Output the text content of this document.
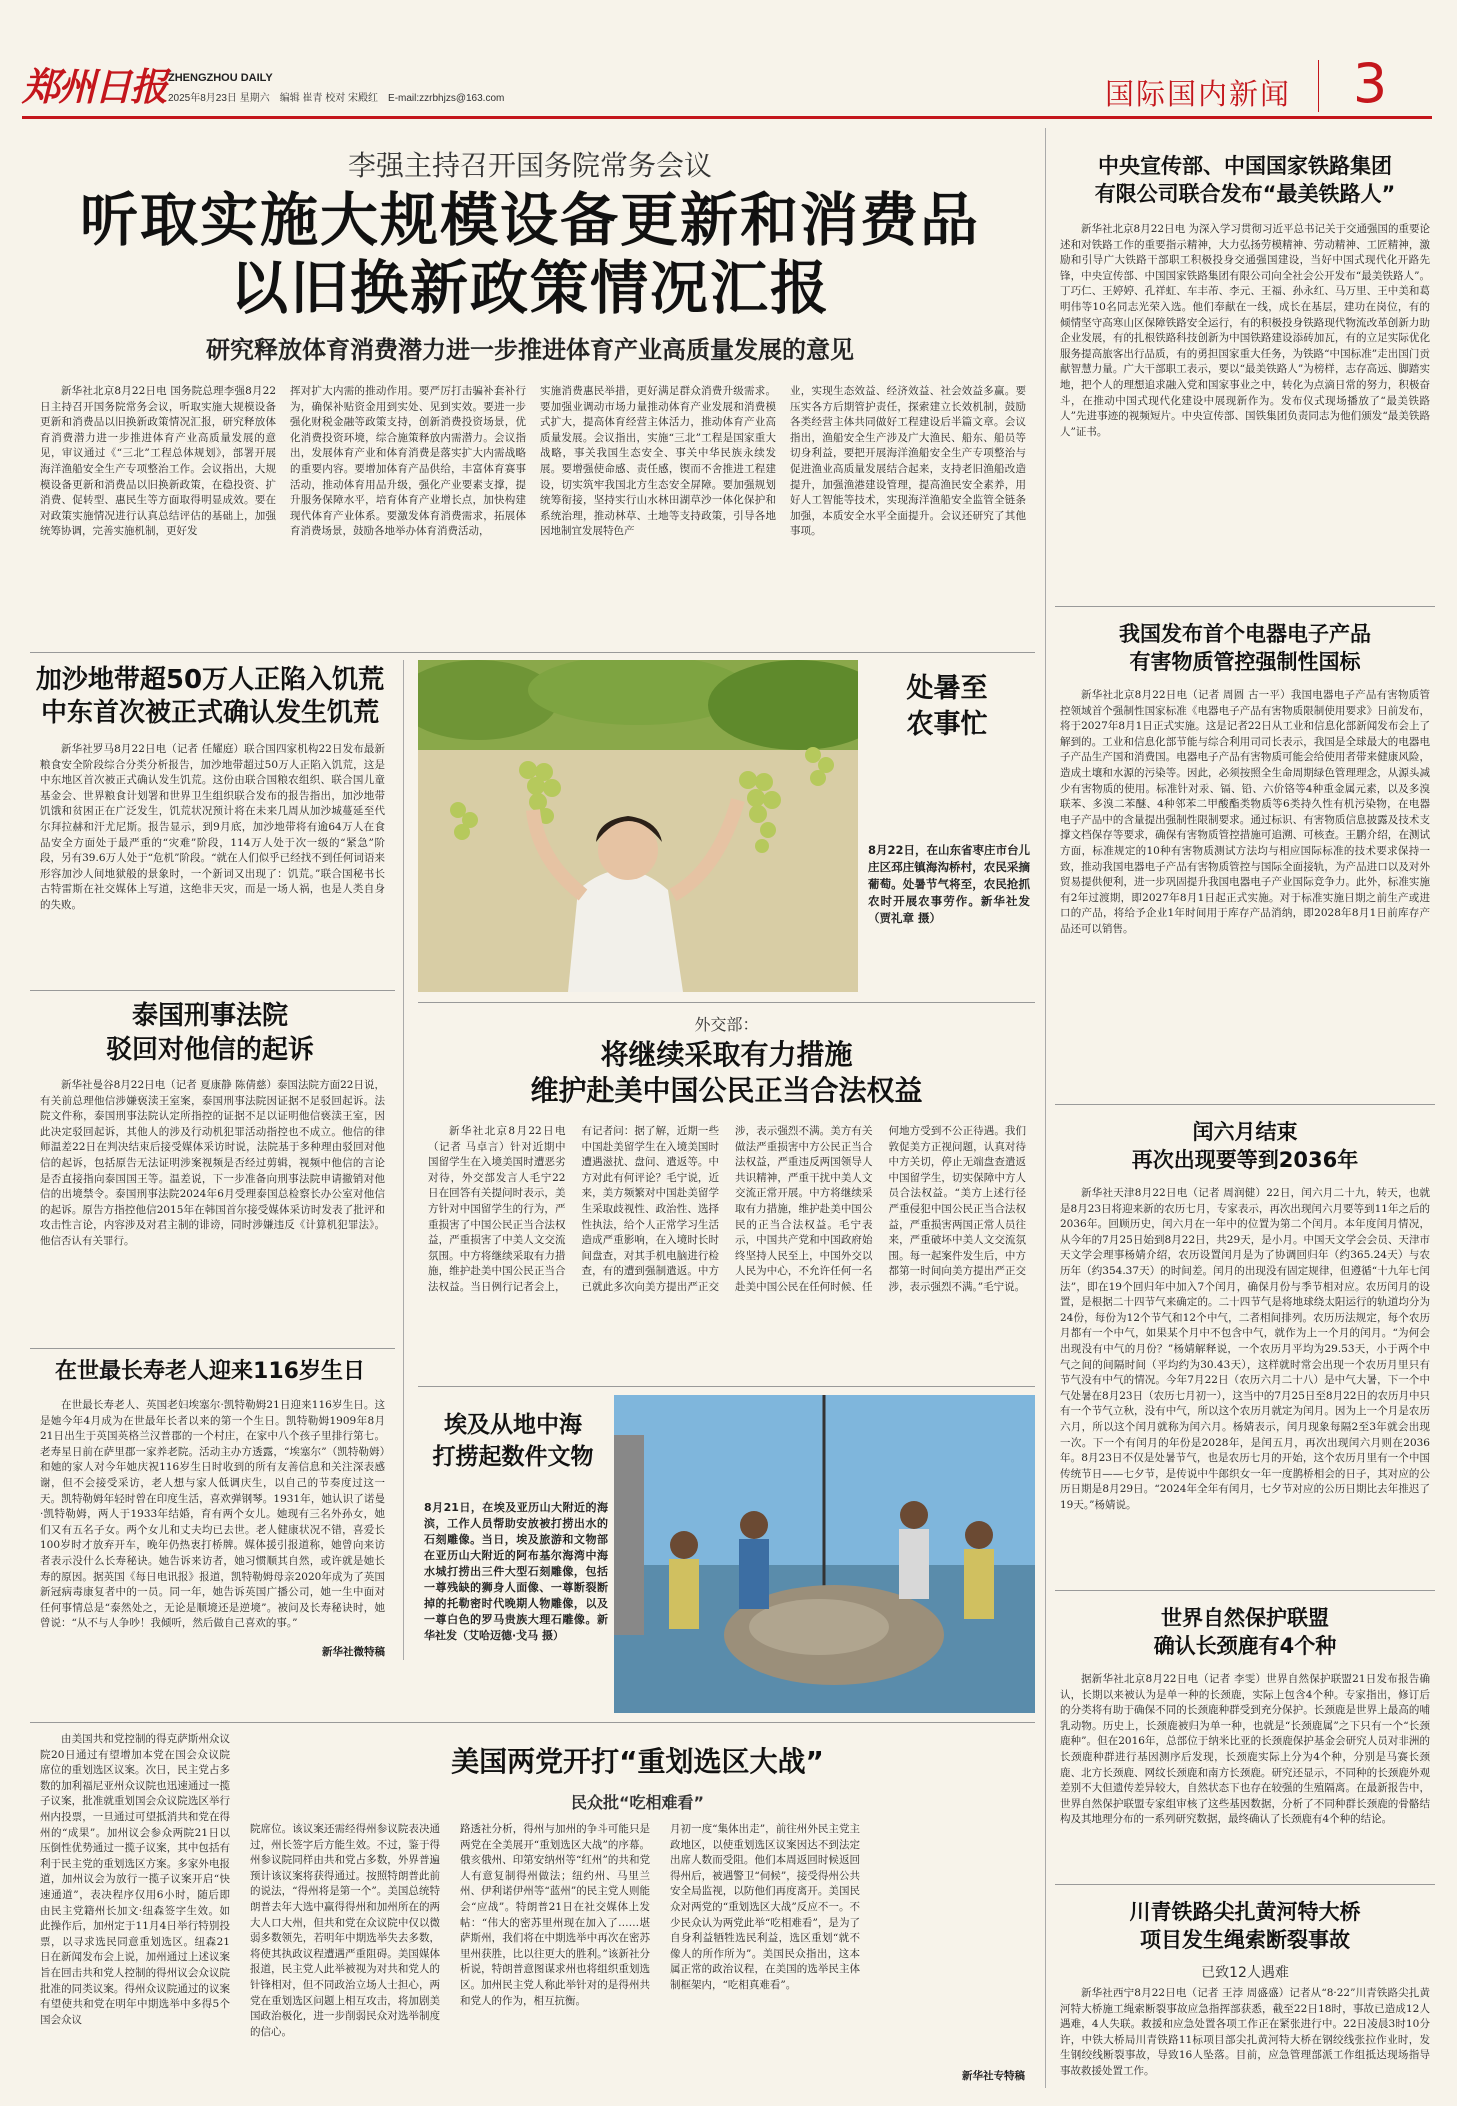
郑州日报 ZHENGZHOU DAILY
2025年8月23日 星期六　编辑 崔青 校对 宋殿红　E-mail:zzrbhjzs@163.com	国际国内新闻	3
李强主持召开国务院常务会议
听取实施大规模设备更新和消费品
以旧换新政策情况汇报
研究释放体育消费潜力进一步推进体育产业高质量发展的意见

新华社北京8月22日电 国务院总理李强8月22日主持召开国务院常务会议，听取实施大规模设备更新和消费品以旧换新政策情况汇报，研究释放体育消费潜力进一步推进体育产业高质量发展的意见，审议通过《“三北”工程总体规划》，部署开展海洋渔船安全生产专项整治工作。会议指出，大规模设备更新和消费品以旧换新政策，在稳投资、扩消费、促转型、惠民生等方面取得明显成效。要在对政策实施情况进行认真总结评估的基础上，加强统筹协调，完善实施机制，更好发

挥对扩大内需的推动作用。要严厉打击骗补套补行为，确保补贴资金用到实处、见到实效。要进一步强化财税金融等政策支持，创新消费投资场景，优化消费投资环境，综合施策释放内需潜力。会议指出，发展体育产业和体育消费是落实扩大内需战略的重要内容。要增加体育产品供给，丰富体育赛事活动，推动体育用品升级，强化产业要素支撑，提升服务保障水平，培育体育产业增长点，加快构建现代体育产业体系。要激发体育消费需求，拓展体育消费场景，鼓励各地举办体育消费活动，

实施消费惠民举措，更好满足群众消费升级需求。要加强业调动市场力量推动体育产业发展和消费模式扩大，提高体育经营主体活力，推动体育产业高质量发展。会议指出，实施“三北”工程是国家重大战略，事关我国生态安全、事关中华民族永续发展。要增强使命感、责任感，锲而不舍推进工程建设，切实筑牢我国北方生态安全屏障。要加强规划统筹衔接，坚持实行山水林田湖草沙一体化保护和系统治理，推动林草、土地等支持政策，引导各地因地制宜发展特色产

业，实现生态效益、经济效益、社会效益多赢。要压实各方后期管护责任，探索建立长效机制，鼓励各类经营主体共同做好工程建设后半篇文章。会议指出，渔船安全生产涉及广大渔民、船东、船员等切身利益，要把开展海洋渔船安全生产专项整治与促进渔业高质量发展结合起来，支持老旧渔船改造提升，加强渔港建设管理，提高渔民安全素养，用好人工智能等技术，实现海洋渔船安全监管全链条加强，本质安全水平全面提升。会议还研究了其他事项。

加沙地带超50万人正陷入饥荒
中东首次被正式确认发生饥荒

新华社罗马8月22日电（记者 任耀庭）联合国四家机构22日发布最新粮食安全阶段综合分类分析报告，加沙地带超过50万人正陷入饥荒，这是中东地区首次被正式确认发生饥荒。这份由联合国粮农组织、联合国儿童基金会、世界粮食计划署和世界卫生组织联合发布的报告指出，加沙地带饥饿和贫困正在广泛发生，饥荒状况预计将在未来几周从加沙城蔓延至代尔拜拉赫和汗尤尼斯。报告显示，到9月底，加沙地带将有逾64万人在食品安全方面处于最严重的“灾难”阶段，114万人处于次一级的“紧急”阶段，另有39.6万人处于“危机”阶段。“就在人们似乎已经找不到任何词语来形容加沙人间地狱般的景象时，一个新词又出现了：饥荒。”联合国秘书长古特雷斯在社交媒体上写道，这绝非天灾，而是一场人祸，也是人类自身的失败。

处暑至
农事忙
8月22日，在山东省枣庄市台儿庄区邳庄镇海沟桥村，农民采摘葡萄。处暑节气将至，农民抢抓农时开展农事劳作。新华社发（贾礼章 摄）
泰国刑事法院
驳回对他信的起诉

新华社曼谷8月22日电（记者 夏康静 陈倩慈）泰国法院方面22日说，有关前总理他信涉嫌亵渎王室案，泰国刑事法院因证据不足驳回起诉。法院文件称，泰国刑事法院认定所指控的证据不足以证明他信亵渎王室，因此决定驳回起诉，其他人的涉及行动机犯罪活动指控也不成立。他信的律师温差22日在判决结束后接受媒体采访时说，法院基于多种理由驳回对他信的起诉，包括原告无法证明涉案视频是否经过剪辑，视频中他信的言论是否直接指向泰国国王等。温差说，下一步准备向刑事法院申请撤销对他信的出境禁令。泰国刑事法院2024年6月受理泰国总检察长办公室对他信的起诉。原告方指控他信2015年在韩国首尔接受媒体采访时发表了批评和攻击性言论，内容涉及对君主制的诽谤，同时涉嫌违反《计算机犯罪法》。他信否认有关罪行。

在世最长寿老人迎来116岁生日

在世最长寿老人、英国老妇埃塞尔·凯特勒姆21日迎来116岁生日。这是她今年4月成为在世最年长者以来的第一个生日。凯特勒姆1909年8月21日出生于英国英格兰汉普郡的一个村庄，在家中八个孩子里排行第七。老寿星日前在萨里郡一家养老院。活动主办方透露，“埃塞尔”（凯特勒姆）和她的家人对今年她庆祝116岁生日时收到的所有友善信息和关注深表感谢，但不会接受采访，老人想与家人低调庆生，以自己的节奏度过这一天。凯特勒姆年轻时曾在印度生活，喜欢弹钢琴。1931年，她认识了诺曼·凯特勒姆，两人于1933年结婚，育有两个女儿。她现有三名外孙女，她们又有五名子女。两个女儿和丈夫均已去世。老人健康状况不错，喜爱长100岁时才放弃开车，晚年仍热衷打桥牌。媒体援引报道称，她曾向来访者表示没什么长寿秘诀。她告诉来访者，她习惯顺其自然，或许就是她长寿的原因。据英国《每日电讯报》报道，凯特勒姆母亲2020年成为了英国新冠病毒康复者中的一员。同一年，她告诉英国广播公司，她一生中面对任何事情总是“泰然处之，无论是顺境还是逆境”。被问及长寿秘诀时，她曾说：“从不与人争吵！我倾听，然后做自己喜欢的事。”

新华社微特稿
外交部：
将继续采取有力措施
维护赴美中国公民正当合法权益

新华社北京8月22日电（记者 马卓言）针对近期中国留学生在入境美国时遭恶劣对待，外交部发言人毛宁22日在回答有关提问时表示，美方针对中国留学生的行为，严重损害了中国公民正当合法权益，严重损害了中美人文交流氛围。中方将继续采取有力措施，维护赴美中国公民正当合法权益。当日例行记者会上，有记者问：据了解，近期一些中国赴美留学生在入境美国时遭遇滋扰、盘问、遣返等。中方对此有何评论？毛宁说，近来，美方频繁对中国赴美留学生采取歧视性、政治性、选择性执法，给个人正常学习生活造成严重影响，在入境时长时间盘查，对其手机电脑进行检查，有的遭到强制遣返。中方已就此多次向美方提出严正交涉，表示强烈不满。美方有关做法严重损害中方公民正当合法权益，严重违反两国领导人共识精神，严重干扰中美人文交流正常开展。中方将继续采取有力措施，维护赴美中国公民的正当合法权益。毛宁表示，中国共产党和中国政府始终坚持人民至上，中国外交以人民为中心，不允许任何一名赴美中国公民在任何时候、任何地方受到不公正待遇。我们敦促美方正视问题，认真对待中方关切，停止无端盘查遣返中国留学生，切实保障中方人员合法权益。“美方上述行径严重侵犯中国公民正当合法权益，严重损害两国正常人员往来，严重破坏中美人文交流氛围。每一起案件发生后，中方都第一时间向美方提出严正交涉，表示强烈不满。”毛宁说。

埃及从地中海
打捞起数件文物
8月21日，在埃及亚历山大附近的海滨，工作人员帮助安放被打捞出水的石刻雕像。当日，埃及旅游和文物部在亚历山大附近的阿布基尔海湾中海水城打捞出三件大型石刻雕像，包括一尊残缺的狮身人面像、一尊断裂断掉的托勒密时代晚期人物雕像，以及一尊白色的罗马贵族大理石雕像。新华社发（艾哈迈德·戈马 摄）

由美国共和党控制的得克萨斯州众议院20日通过有望增加本党在国会众议院席位的重划选区议案。次日，民主党占多数的加利福尼亚州众议院也迅速通过一揽子议案，批准就重划国会众议院选区举行州内投票，一旦通过可望抵消共和党在得州的“成果”。加州议会参众两院21日以压倒性优势通过一揽子议案，其中包括有利于民主党的重划选区方案。多家外电报道，加州议会为放行一揽子议案开启“快速通道”，表决程序仅用6小时，随后即由民主党籍州长加文·纽森签字生效。如此操作后，加州定于11月4日举行特别投票，以寻求选民同意重划选区。纽森21日在新闻发布会上说，加州通过上述议案旨在回击共和党人控制的得州议会众议院批准的同类议案。得州众议院通过的议案有望使共和党在明年中期选举中多得5个国会众议

美国两党开打“重划选区大战”
民众批“吃相难看”

院席位。该议案还需经得州参议院表决通过，州长签字后方能生效。不过，鉴于得州参议院同样由共和党占多数，外界普遍预计该议案将获得通过。按照特朗普此前的说法，“得州将是第一个”。美国总统特朗普去年大选中赢得得州和加州所在的两大人口大州，但共和党在众议院中仅以微弱多数领先，若明年中期选举失去多数，将使其执政议程遭遇严重阻碍。美国媒体报道，民主党人此举被视为对共和党人的针锋相对，但不同政治立场人士担心，两党在重划选区问题上相互攻击，将加剧美国政治极化，进一步削弱民众对选举制度的信心。

路透社分析，得州与加州的争斗可能只是两党在全美展开“重划选区大战”的序幕。俄亥俄州、印第安纳州等“红州”的共和党人有意复制得州做法；纽约州、马里兰州、伊利诺伊州等“蓝州”的民主党人则能会“应战”。特朗普21日在社交媒体上发帖：“伟大的密苏里州现在加入了……堪萨斯州，我们将在中期选举中再次在密苏里州获胜，比以往更大的胜利。”该新社分析说，特朗普意图谋求州也将组织重划选区。加州民主党人称此举针对的是得州共和党人的作为，相互抗衡。

月初一度“集体出走”，前往州外民主党主政地区，以使重划选区议案因达不到法定出席人数而受阻。他们本周返回时候返回得州后，被遇警卫“伺候”，接受得州公共安全局监视，以防他们再度离开。美国民众对两党的“重划选区大战”反应不一。不少民众认为两党此举“吃相难看”，是为了自身利益牺牲选民利益，选区重划“就不像人的所作所为”。美国民众指出，这本属正常的政治议程，在美国的选举民主体制框架内，“吃相真难看”。

新华社专特稿
中央宣传部、中国国家铁路集团
有限公司联合发布“最美铁路人”

新华社北京8月22日电 为深入学习贯彻习近平总书记关于交通强国的重要论述和对铁路工作的重要指示精神，大力弘扬劳模精神、劳动精神、工匠精神，激励和引导广大铁路干部职工积极投身交通强国建设，当好中国式现代化开路先锋，中央宣传部、中国国家铁路集团有限公司向全社会公开发布“最美铁路人”。丁巧仁、王婷婷、孔祥虹、车丰芾、李元、王福、孙永红、马万里、王中美和葛明伟等10名同志光荣入选。他们奉献在一线，成长在基层，建功在岗位，有的倾情坚守高寒山区保障铁路安全运行，有的积极投身铁路现代物流改革创新力助企业发展，有的扎根铁路科技创新为中国铁路建设添砖加瓦，有的立足实际优化服务提高旅客出行品质，有的勇担国家重大任务，为铁路“中国标准”走出国门贡献智慧力量。广大干部职工表示，要以“最美铁路人”为榜样，志存高远、脚踏实地，把个人的理想追求融入党和国家事业之中，转化为点滴日常的努力，积极奋斗，在推动中国式现代化建设中展现新作为。发布仪式现场播放了“最美铁路人”先进事迹的视频短片。中央宣传部、国铁集团负责同志为他们颁发“最美铁路人”证书。

我国发布首个电器电子产品
有害物质管控强制性国标

新华社北京8月22日电（记者 周圆 古一平）我国电器电子产品有害物质管控领域首个强制性国家标准《电器电子产品有害物质限制使用要求》日前发布，将于2027年8月1日正式实施。这是记者22日从工业和信息化部新闻发布会上了解到的。工业和信息化部节能与综合利用司司长表示，我国是全球最大的电器电子产品生产国和消费国。电器电子产品有害物质可能会给使用者带来健康风险，造成土壤和水源的污染等。因此，必须按照全生命周期绿色管理理念，从源头减少有害物质的使用。标准针对汞、镉、铅、六价铬等4种重金属元素，以及多溴联苯、多溴二苯醚、4种邻苯二甲酸酯类物质等6类持久性有机污染物，在电器电子产品中的含量提出强制性限制要求。通过标识、有害物质信息披露及技术支撑文档保存等要求，确保有害物质管控措施可追溯、可核查。王鹏介绍，在测试方面，标准规定的10种有害物质测试方法均与相应国际标准的技术要求保持一致，推动我国电器电子产品有害物质管控与国际全面接轨，为产品进口以及对外贸易提供便利，进一步巩固提升我国电器电子产业国际竞争力。此外，标准实施有2年过渡期，即2027年8月1日起正式实施。对于标准实施日期之前生产或进口的产品，将给予企业1年时间用于库存产品消纳，即2028年8月1日前库存产品还可以销售。

闰六月结束
再次出现要等到2036年

新华社天津8月22日电（记者 周润健）22日，闰六月二十九，转天，也就是8月23日将迎来新的农历七月，专家表示，再次出现闰六月要等到11年之后的2036年。回顾历史，闰六月在一年中的位置为第二个闰月。本年度闰月情况，从今年的7月25日始到8月22日，共29天，是小月。中国天文学会会员、天津市天文学会理事杨婧介绍，农历设置闰月是为了协调回归年（约365.24天）与农历年（约354.37天）的时间差。闰月的出现没有固定规律，但遵循“十九年七闰法”，即在19个回归年中加入7个闰月，确保月份与季节相对应。农历闰月的设置，是根据二十四节气来确定的。二十四节气是将地球绕太阳运行的轨道均分为24份，每份为12个节气和12个中气，二者相间排列。农历历法规定，每个农历月都有一个中气，如果某个月中不包含中气，就作为上一个月的闰月。“为何会出现没有中气的月份？”杨婧解释说，一个农历月平均为29.53天，小于两个中气之间的间隔时间（平均约为30.43天），这样就时常会出现一个农历月里只有节气没有中气的情况。今年7月22日（农历六月二十八）是中气大暑，下一个中气处暑在8月23日（农历七月初一），这当中的7月25日至8月22日的农历月中只有一个节气立秋，没有中气，所以这个农历月就定为闰月。因为上一个月是农历六月，所以这个闰月就称为闰六月。杨婧表示，闰月现象每隔2至3年就会出现一次。下一个有闰月的年份是2028年，是闰五月，再次出现闰六月则在2036年。8月23日不仅是处暑节气，也是农历七月的开始，这个农历月里有一个中国传统节日——七夕节，是传说中牛郎织女一年一度鹊桥相会的日子，其对应的公历日期是8月29日。“2024年全年有闰月，七夕节对应的公历日期比去年推迟了19天。”杨婧说。

世界自然保护联盟
确认长颈鹿有4个种

据新华社北京8月22日电（记者 李雯）世界自然保护联盟21日发布报告确认，长期以来被认为是单一种的长颈鹿，实际上包含4个种。专家指出，修订后的分类将有助于确保不同的长颈鹿种群受到充分保护。长颈鹿是世界上最高的哺乳动物。历史上，长颈鹿被归为单一种，也就是“长颈鹿属”之下只有一个“长颈鹿种”。但在2016年，总部位于纳米比亚的长颈鹿保护基金会研究人员对非洲的长颈鹿种群进行基因测序后发现，长颈鹿实际上分为4个种，分别是马赛长颈鹿、北方长颈鹿、网纹长颈鹿和南方长颈鹿。研究还显示，不同种的长颈鹿外观差别不大但遗传差异较大，自然状态下也存在较强的生殖隔离。在最新报告中，世界自然保护联盟专家组审核了这些基因数据，分析了不同种群长颈鹿的骨骼结构及其地理分布的一系列研究数据，最终确认了长颈鹿有4个种的结论。

川青铁路尖扎黄河特大桥
项目发生绳索断裂事故
已致12人遇难

新华社西宁8月22日电（记者 王浡 周盛盛）记者从“8·22”川青铁路尖扎黄河特大桥施工绳索断裂事故应急指挥部获悉，截至22日18时，事故已造成12人遇难，4人失联。救援和应急处置各项工作正在紧张进行中。22日凌晨3时10分许，中铁大桥局川青铁路11标项目部尖扎黄河特大桥在钢绞线张拉作业时，发生钢绞线断裂事故，导致16人坠落。目前，应急管理部派工作组抵达现场指导事故救援处置工作。
